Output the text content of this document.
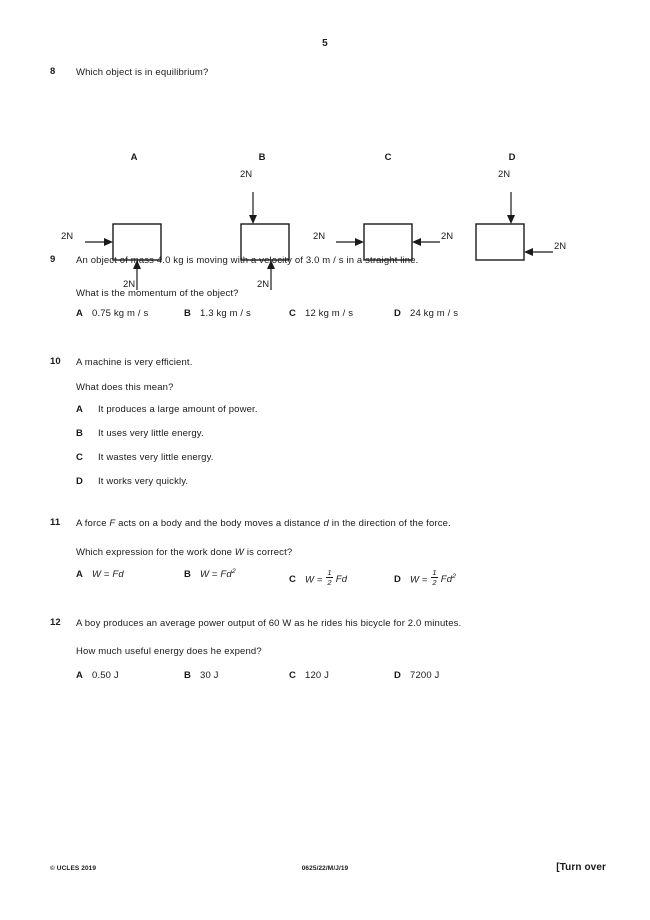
5
8	Which object is in equilibrium?
A
2N
2N
B
2N
2N
C
2N	2N
D
2N
2N
9	An object of mass 4.0 kg is moving with a velocity of 3.0 m / s in a straight line.
What is the momentum of the object?
A 0.75 kg m / s	B 1.3 kg m / s	C 12 kg m / s	D 24 kg m / s
10	A machine is very efficient.
What does this mean?
A It produces a large amount of power.
B It uses very little energy.
C It wastes very little energy.
D It works very quickly.
11	A force F acts on a body and the body moves a distance d in the direction of the force.
Which expression for the work done W is correct?
A W = Fd	B $W = Fd^2$
C $W = \frac{1}{2}$ Fd	D $W = \frac{1}{2} Fd^2$
12	A boy produces an average power output of 60 W as he rides his bicycle for 2.0 minutes.
How much useful energy does he expend?
A 0.50 J	B 30 J	C 120 J	D 7200 J
© UCLES 2019	0625/22/M/J/19	[Turn over
